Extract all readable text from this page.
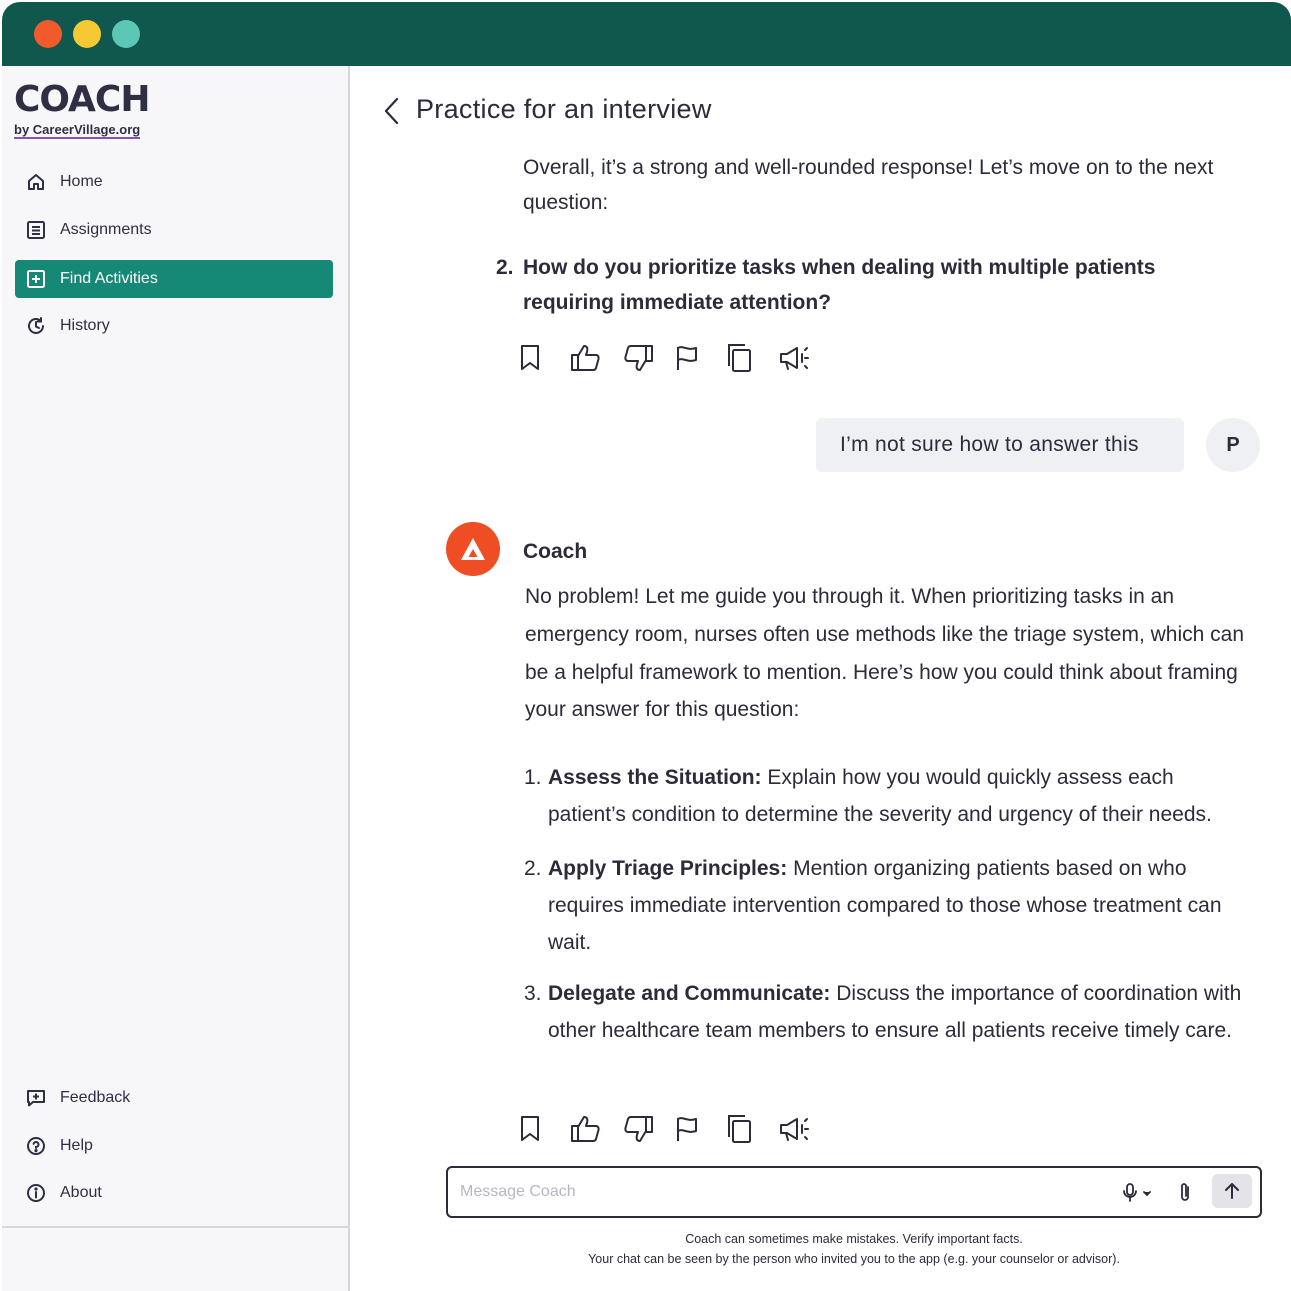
COACH
by CareerVillage.org
Home
Assignments
Find Activities
History
Feedback
Help
About
Practice for an interview
Overall, it’s a strong and well-rounded response! Let’s move on to the next question:
2. How do you prioritize tasks when dealing with multiple patients requiring immediate attention?
I’m not sure how to answer this	P
Coach
No problem! Let me guide you through it. When prioritizing tasks in an emergency room, nurses often use methods like the triage system, which can be a helpful framework to mention. Here’s how you could think about framing your answer for this question:
1. Assess the Situation: Explain how you would quickly assess each patient’s condition to determine the severity and urgency of their needs.
2. Apply Triage Principles: Mention organizing patients based on who requires immediate intervention compared to those whose treatment can wait.
3. Delegate and Communicate: Discuss the importance of coordination with other healthcare team members to ensure all patients receive timely care.
Message Coach
Coach can sometimes make mistakes. Verify important facts.
Your chat can be seen by the person who invited you to the app (e.g. your counselor or advisor).
